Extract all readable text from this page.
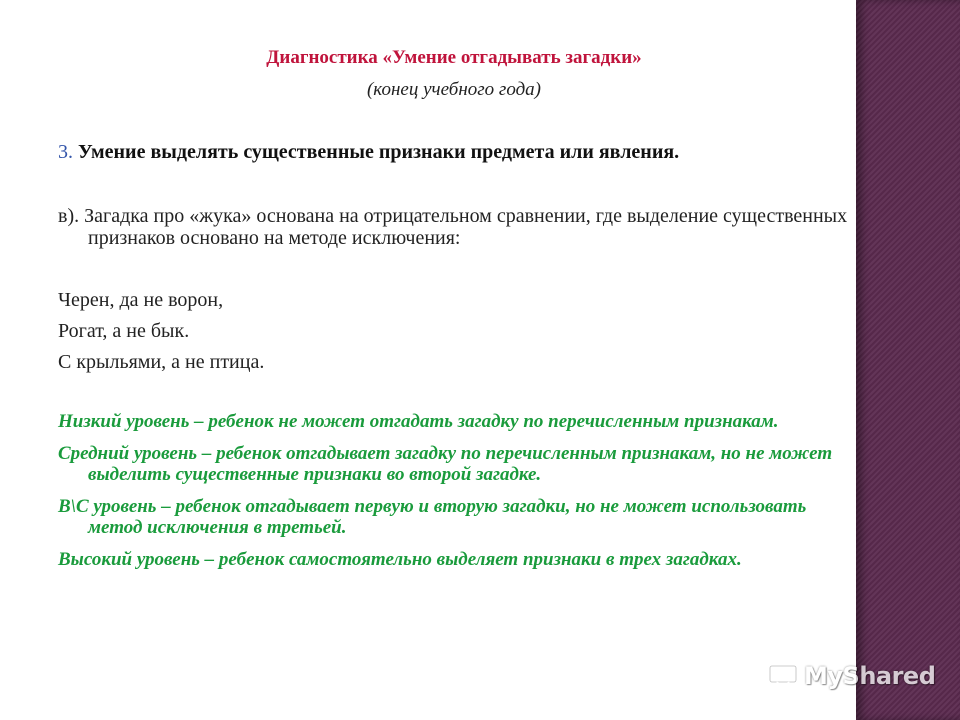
Диагностика «Умение отгадывать загадки»

(конец учебного года)

3. Умение выделять существенные признаки предмета или явления.

в). Загадка про «жука» основана на отрицательном сравнении, где выделение существенных признаков основано на методе исключения:

Черен, да не ворон,
Рогат, а не бык.
С крыльями, а не птица.
Низкий уровень – ребенок не может отгадать загадку по перечисленным признакам.
Средний уровень – ребенок отгадывает загадку по перечисленным признакам, но не может выделить существенные признаки во второй загадке.
В\С уровень – ребенок отгадывает первую и вторую загадки, но не может использовать метод исключения в третьей.
Высокий уровень – ребенок самостоятельно выделяет признаки в трех загадках.
MyShared
